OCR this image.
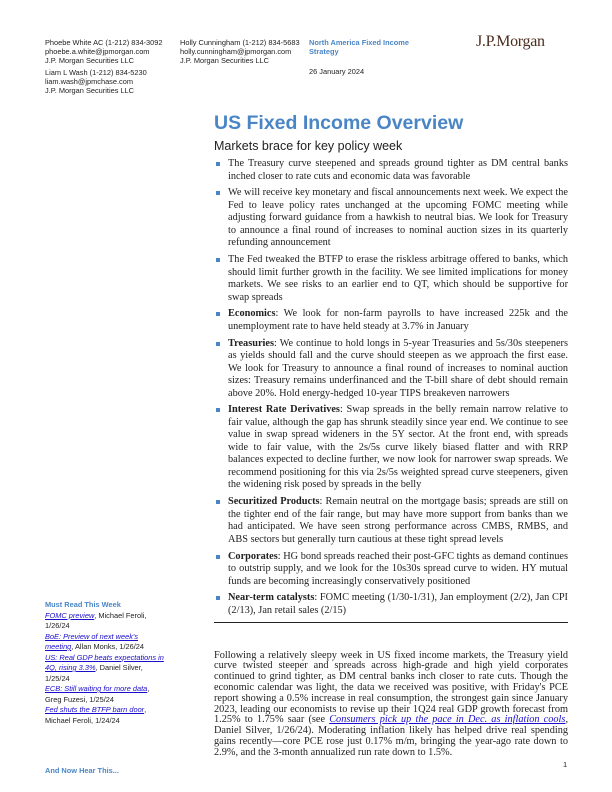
Phoebe White AC (1-212) 834-3092
phoebe.a.white@jpmorgan.com
J.P. Morgan Securities LLC
Liam L Wash (1-212) 834-5230
liam.wash@jpmchase.com
J.P. Morgan Securities LLC
Holly Cunningham (1-212) 834-5683
holly.cunningham@jpmorgan.com
J.P. Morgan Securities LLC
North America Fixed Income
Strategy
26 January 2024
J.P.Morgan
US Fixed Income Overview
Markets brace for key policy week
The Treasury curve steepened and spreads ground tighter as DM central banks inched closer to rate cuts and economic data was favorable
We will receive key monetary and fiscal announcements next week. We expect the Fed to leave policy rates unchanged at the upcoming FOMC meeting while adjusting forward guidance from a hawkish to neutral bias. We look for Treasury to announce a final round of increases to nominal auction sizes in its quarterly refunding announcement
The Fed tweaked the BTFP to erase the riskless arbitrage offered to banks, which should limit further growth in the facility. We see limited implications for money markets. We see risks to an earlier end to QT, which should be supportive for swap spreads
Economics: We look for non-farm payrolls to have increased 225k and the unemployment rate to have held steady at 3.7% in January
Treasuries: We continue to hold longs in 5-year Treasuries and 5s/30s steepeners as yields should fall and the curve should steepen as we approach the first ease. We look for Treasury to announce a final round of increases to nominal auction sizes: Treasury remains underfinanced and the T-bill share of debt should remain above 20%. Hold energy-hedged 10-year TIPS breakeven narrowers
Interest Rate Derivatives: Swap spreads in the belly remain narrow relative to fair value, although the gap has shrunk steadily since year end. We continue to see value in swap spread wideners in the 5Y sector. At the front end, with spreads wide to fair value, with the 2s/5s curve likely biased flatter and with RRP balances expected to decline further, we now look for narrower swap spreads. We recommend positioning for this via 2s/5s weighted spread curve steepeners, given the widening risk posed by spreads in the belly
Securitized Products: Remain neutral on the mortgage basis; spreads are still on the tighter end of the fair range, but may have more support from banks than we had anticipated. We have seen strong performance across CMBS, RMBS, and ABS sectors but generally turn cautious at these tight spread levels
Corporates: HG bond spreads reached their post-GFC tights as demand continues to outstrip supply, and we look for the 10s30s spread curve to widen. HY mutual funds are becoming increasingly conservatively positioned
Near-term catalysts: FOMC meeting (1/30-1/31), Jan employment (2/2), Jan CPI (2/13), Jan retail sales (2/15)

Following a relatively sleepy week in US fixed income markets, the Treasury yield curve twisted steeper and spreads across high-grade and high yield corporates continued to grind tighter, as DM central banks inch closer to rate cuts. Though the economic calendar was light, the data we received was positive, with Friday's PCE report showing a 0.5% increase in real consumption, the strongest gain since January 2023, leading our economists to revise up their 1Q24 real GDP growth forecast from 1.25% to 1.75% saar (see Consumers pick up the pace in Dec. as inflation cools, Daniel Silver, 1/26/24). Moderating inflation likely has helped drive real spending gains recently—core PCE rose just 0.17% m/m, bringing the year-ago rate down to 2.9%, and the 3-month annualized run rate down to 1.5%.

Must Read This Week
FOMC preview, Michael Feroli, 1/26/24
BoE: Preview of next week's meeting, Allan Monks, 1/26/24
US: Real GDP beats expectations in 4Q, rising 3.3%, Daniel Silver, 1/25/24
ECB: Still waiting for more data, Greg Fuzesi, 1/25/24
Fed shuts the BTFP barn door, Michael Feroli, 1/24/24
And Now Hear This...
1
